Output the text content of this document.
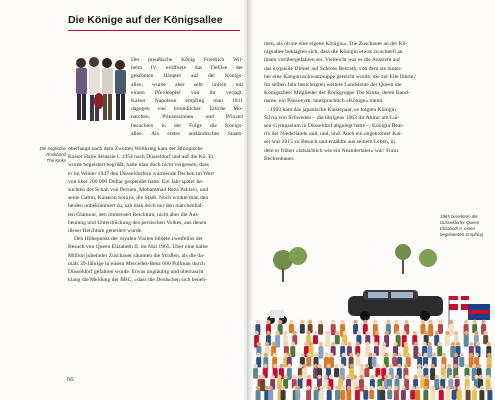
Die Könige auf der Königsallee
Die englische
Rockband
The Kinks
Der preußische König Friedrich Wil-
helm IV. eröffnete das Defilee der
gekrönten Häupter auf der Königs-
allee, wurde aber sehr unfein mit
einem Pferdeapfel von ihr verjagt.
Kaiser Napoleon empfing man 1811
dagegen viel freundlicher. Etliche Mo-
narchen, Prinzessinnen und Prinzen
besuchten in der Folge die Königs-
allee. Als erstes ausländisches Staats-
oberhaupt nach dem Zweiten Weltkrieg kam der äthiopische
Kaiser Haile Selassie I. 1954 nach Düsseldorf und auf die Kö. Er
wurde begeistert begrüßt, hatte man doch nicht vergessen, dass
er im Winter 1947 den Düsseldorfern wärmende Decken im Wert
von über 200 000 Dollar gespendet hatte. Ein Jahr später be-
suchten der Schah von Persien, Mohammad Reza Pahlavi, und
seine Gattin, Kaiserin Soraya, die Stadt. Noch winkte man den
beiden unbekümmert zu, sah man doch nur den märchenhaf-
ten Glamour, den immensen Reichtum, nicht aber die Aus-
beutung und Unterdrückung des persischen Volkes, aus denen
dieser Reichtum generiert wurde.
Den Höhepunkt der royalen Visiten bildete zweifellos der
Besuch von Queen Elizabeth II. im Mai 1965. Über eine halbe
Million jubelnder Zuschauer säumten die Straßen, als die da-
mals 39-Jährige in einem Mercedes-Benz 600 Pullman durch
Düsseldorf gefahren wurde. Etwas ungläubig und überrascht
klang die Meldung der BBC, »dass die Deutschen sich beneh-
66
men, als ob sie eine eigene Königin«. Die Zuschauer an der Kö-
nigsallee beklagten sich, dass die Königin etwas zu schnell an
ihnen vorübergefahren sei. Vielleicht war es die Aussicht auf
das exquisite Dinner auf Schloss Benrath, von dem sie hinter-
her eine Kanguruschwanzsuppe gereicht wurde, die zur Eile führte?
Im selben Jahr besichtigten weitere Landsleute der Queen die
Königsallee: Mitglieder der Rockgruppe The Kinks, deren Band-
name, ein Pansonym, lautsprachlich »Könige« meint.
1993 kam das japanische Kaiserpaar, es folgten Königin
Silvia von Schweden – die übrigens 1963 ihr Abitur am Lui-
sen-Gymnasium in Düsseldorf abgelegt hatte –, Königin Beat-
rix der Niederlande und, und, und. Auch ein ungekrönter Kai-
ser war 2015 zu Besuch und erzählte aus seinem Leben, in
dem er früher »tatsächlich wie ein Neandertaler« war: Franz
Beckenbauer.
1965 bereiteten die
Düsseldorfer Queen
Elizabeth II. einen
begeisterten Empfang.
